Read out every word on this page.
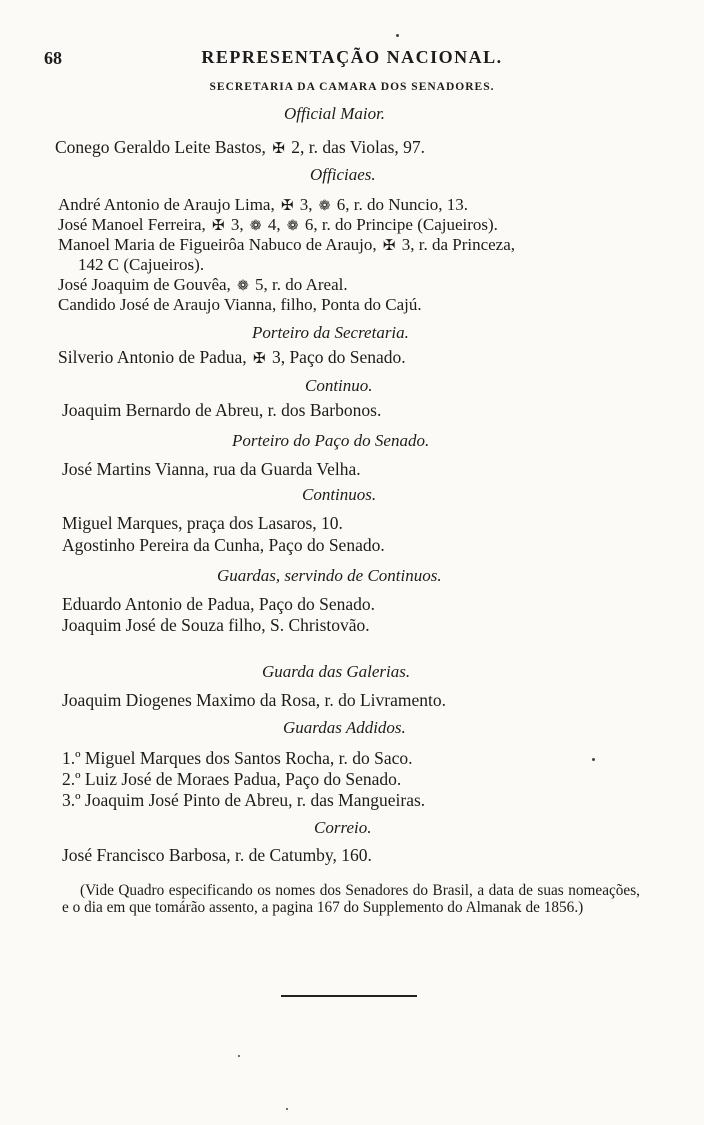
68	REPRESENTAÇÃO NACIONAL.
SECRETARIA DA CAMARA DOS SENADORES.
Official Maior.
Conego Geraldo Leite Bastos, ✠ 2, r. das Violas, 97.
Officiaes.
André Antonio de Araujo Lima, ✠ 3, ❁ 6, r. do Nuncio, 13.
José Manoel Ferreira, ✠ 3, ❁ 4, ❁ 6, r. do Principe (Cajueiros).
Manoel Maria de Figueirôa Nabuco de Araujo, ✠ 3, r. da Princeza,
142 C (Cajueiros).
José Joaquim de Gouvêa, ❁ 5, r. do Areal.
Candido José de Araujo Vianna, filho, Ponta do Cajú.
Porteiro da Secretaria.
Silverio Antonio de Padua, ✠ 3, Paço do Senado.
Continuo.
Joaquim Bernardo de Abreu, r. dos Barbonos.
Porteiro do Paço do Senado.
José Martins Vianna, rua da Guarda Velha.
Continuos.
Miguel Marques, praça dos Lasaros, 10.
Agostinho Pereira da Cunha, Paço do Senado.
Guardas, servindo de Continuos.
Eduardo Antonio de Padua, Paço do Senado.
Joaquim José de Souza filho, S. Christovão.
Guarda das Galerias.
Joaquim Diogenes Maximo da Rosa, r. do Livramento.
Guardas Addidos.
1.º Miguel Marques dos Santos Rocha, r. do Saco.
2.º Luiz José de Moraes Padua, Paço do Senado.
3.º Joaquim José Pinto de Abreu, r. das Mangueiras.
Correio.
José Francisco Barbosa, r. de Catumby, 160.
(Vide Quadro especificando os nomes dos Senadores do Brasil, a data de suas nomeações, e o dia em que tomárão assento, a pagina 167 do Supplemento do Almanak de 1856.)
